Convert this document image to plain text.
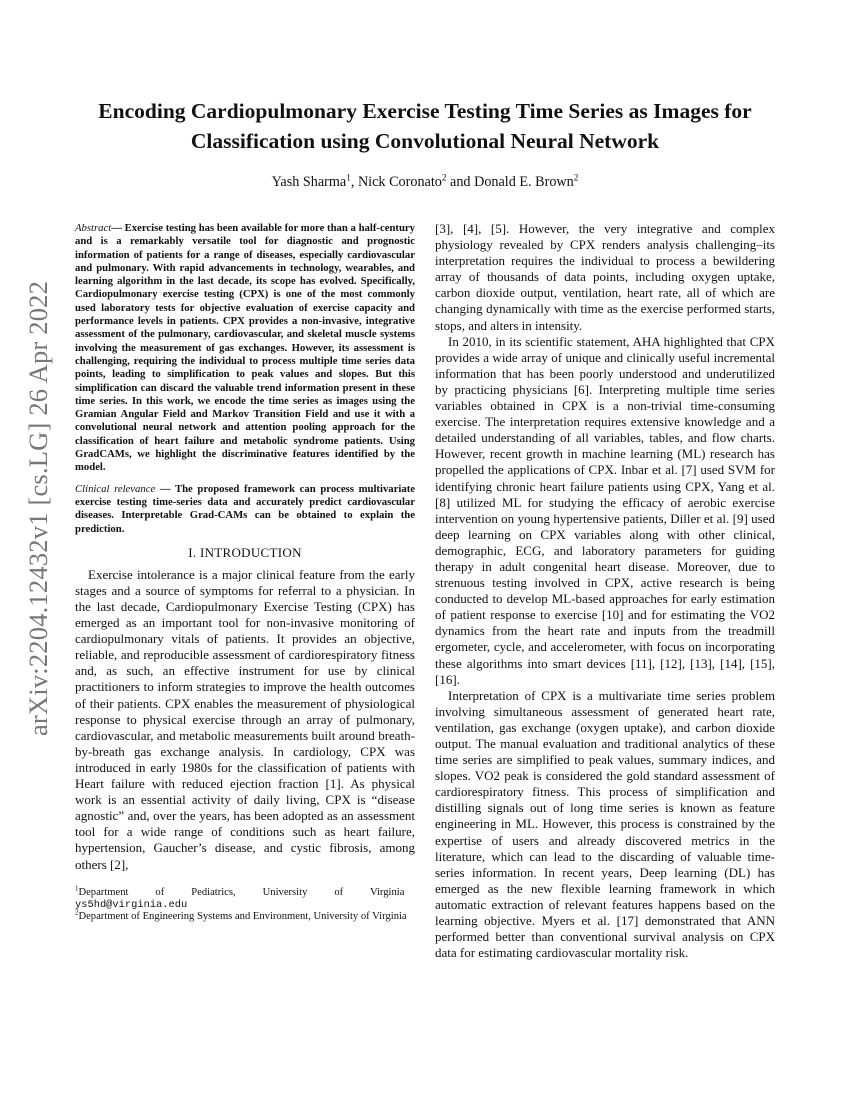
arXiv:2204.12432v1 [cs.LG] 26 Apr 2022
Encoding Cardiopulmonary Exercise Testing Time Series as Images for
Classification using Convolutional Neural Network

Yash Sharma$^1$, Nick Coronato$^2$ and Donald E. Brown$^2$

Abstract— Exercise testing has been available for more than a half-century and is a remarkably versatile tool for diagnostic and prognostic information of patients for a range of diseases, especially cardiovascular and pulmonary. With rapid advancements in technology, wearables, and learning algorithm in the last decade, its scope has evolved. Specifically, Cardiopulmonary exercise testing (CPX) is one of the most commonly used laboratory tests for objective evaluation of exercise capacity and performance levels in patients. CPX provides a non-invasive, integrative assessment of the pulmonary, cardiovascular, and skeletal muscle systems involving the measurement of gas exchanges. However, its assessment is challenging, requiring the individual to process multiple time series data points, leading to simplification to peak values and slopes. But this simplification can discard the valuable trend information present in these time series. In this work, we encode the time series as images using the Gramian Angular Field and Markov Transition Field and use it with a convolutional neural network and attention pooling approach for the classification of heart failure and metabolic syndrome patients. Using GradCAMs, we highlight the discriminative features identified by the model.

Clinical relevance — The proposed framework can process multivariate exercise testing time-series data and accurately predict cardiovascular diseases. Interpretable Grad-CAMs can be obtained to explain the prediction.

I. INTRODUCTION

Exercise intolerance is a major clinical feature from the early stages and a source of symptoms for referral to a physician. In the last decade, Cardiopulmonary Exercise Testing (CPX) has emerged as an important tool for non-invasive monitoring of cardiopulmonary vitals of patients. It provides an objective, reliable, and reproducible assessment of cardiorespiratory fitness and, as such, an effective instrument for use by clinical practitioners to inform strategies to improve the health outcomes of their patients. CPX enables the measurement of physiological response to physical exercise through an array of pulmonary, cardiovascular, and metabolic measurements built around breath-by-breath gas exchange analysis. In cardiology, CPX was introduced in early 1980s for the classification of patients with Heart failure with reduced ejection fraction [1]. As physical work is an essential activity of daily living, CPX is “disease agnostic” and, over the years, has been adopted as an assessment tool for a wide range of conditions such as heart failure, hypertension, Gaucher’s disease, and cystic fibrosis, among others [2],

$^1$Department of Pediatrics, University of Virginia
ys5hd@virginia.edu

$^2$Department of Engineering Systems and Environment, University of Virginia

[3], [4], [5]. However, the very integrative and complex physiology revealed by CPX renders analysis challenging–its interpretation requires the individual to process a bewildering array of thousands of data points, including oxygen uptake, carbon dioxide output, ventilation, heart rate, all of which are changing dynamically with time as the exercise performed starts, stops, and alters in intensity.

In 2010, in its scientific statement, AHA highlighted that CPX provides a wide array of unique and clinically useful incremental information that has been poorly understood and underutilized by practicing physicians [6]. Interpreting multiple time series variables obtained in CPX is a non-trivial time-consuming exercise. The interpretation requires extensive knowledge and a detailed understanding of all variables, tables, and flow charts. However, recent growth in machine learning (ML) research has propelled the applications of CPX. Inbar et al. [7] used SVM for identifying chronic heart failure patients using CPX, Yang et al. [8] utilized ML for studying the efficacy of aerobic exercise intervention on young hypertensive patients, Diller et al. [9] used deep learning on CPX variables along with other clinical, demographic, ECG, and laboratory parameters for guiding therapy in adult congenital heart disease. Moreover, due to strenuous testing involved in CPX, active research is being conducted to develop ML-based approaches for early estimation of patient response to exercise [10] and for estimating the VO2 dynamics from the heart rate and inputs from the treadmill ergometer, cycle, and accelerometer, with focus on incorporating these algorithms into smart devices [11], [12], [13], [14], [15], [16].

Interpretation of CPX is a multivariate time series problem involving simultaneous assessment of generated heart rate, ventilation, gas exchange (oxygen uptake), and carbon dioxide output. The manual evaluation and traditional analytics of these time series are simplified to peak values, summary indices, and slopes. VO2 peak is considered the gold standard assessment of cardiorespiratory fitness. This process of simplification and distilling signals out of long time series is known as feature engineering in ML. However, this process is constrained by the expertise of users and already discovered metrics in the literature, which can lead to the discarding of valuable time-series information. In recent years, Deep learning (DL) has emerged as the new flexible learning framework in which automatic extraction of relevant features happens based on the learning objective. Myers et al. [17] demonstrated that ANN performed better than conventional survival analysis on CPX data for estimating cardiovascular mortality risk.
